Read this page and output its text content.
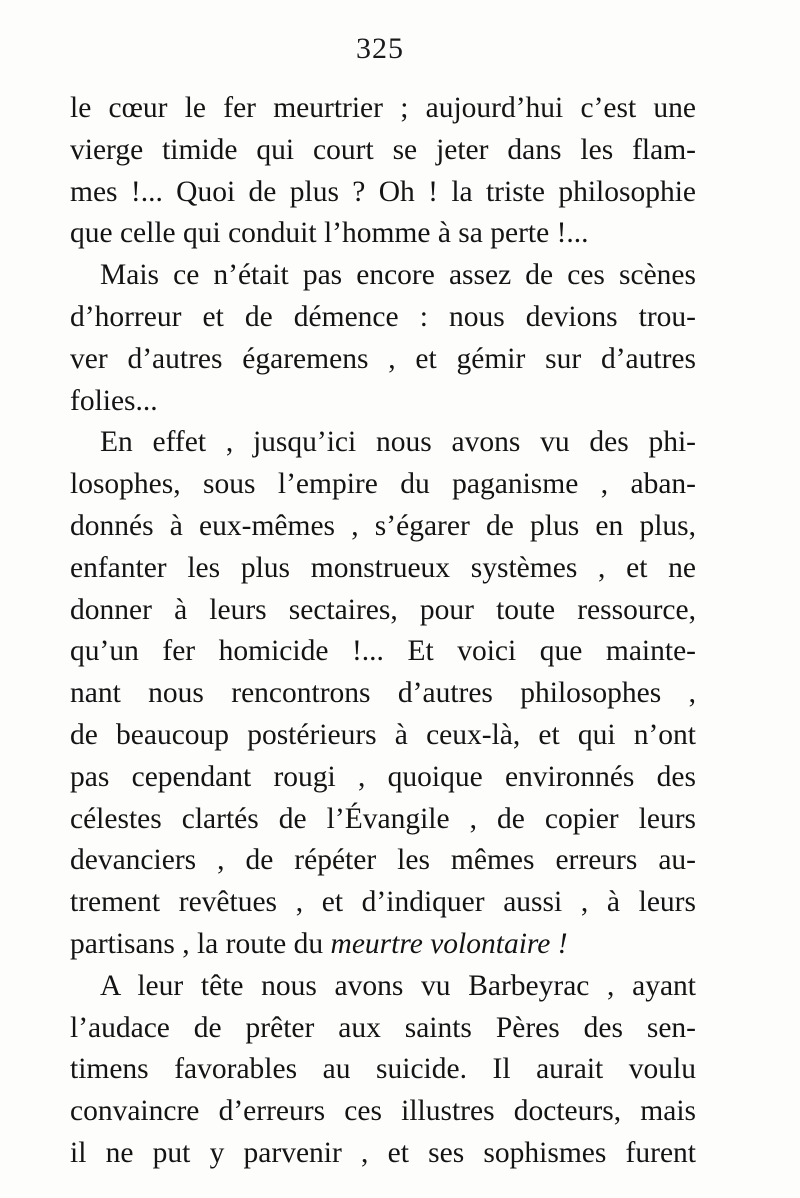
325
le cœur le fer meurtrier ; aujourd’hui c’est une
vierge timide qui court se jeter dans les flam-
mes !... Quoi de plus ? Oh ! la triste philosophie
que celle qui conduit l’homme à sa perte !...
Mais ce n’était pas encore assez de ces scènes
d’horreur et de démence : nous devions trou-
ver d’autres égaremens , et gémir sur d’autres
folies...
En effet , jusqu’ici nous avons vu des phi-
losophes, sous l’empire du paganisme , aban-
donnés à eux-mêmes , s’égarer de plus en plus,
enfanter les plus monstrueux systèmes , et ne
donner à leurs sectaires, pour toute ressource,
qu’un fer homicide !... Et voici que mainte-
nant nous rencontrons d’autres philosophes ,
de beaucoup postérieurs à ceux-là, et qui n’ont
pas cependant rougi , quoique environnés des
célestes clartés de l’Évangile , de copier leurs
devanciers , de répéter les mêmes erreurs au-
trement revêtues , et d’indiquer aussi , à leurs
partisans , la route du meurtre volontaire !
A leur tête nous avons vu Barbeyrac , ayant
l’audace de prêter aux saints Pères des sen-
timens favorables au suicide. Il aurait voulu
convaincre d’erreurs ces illustres docteurs, mais
il ne put y parvenir , et ses sophismes furent
